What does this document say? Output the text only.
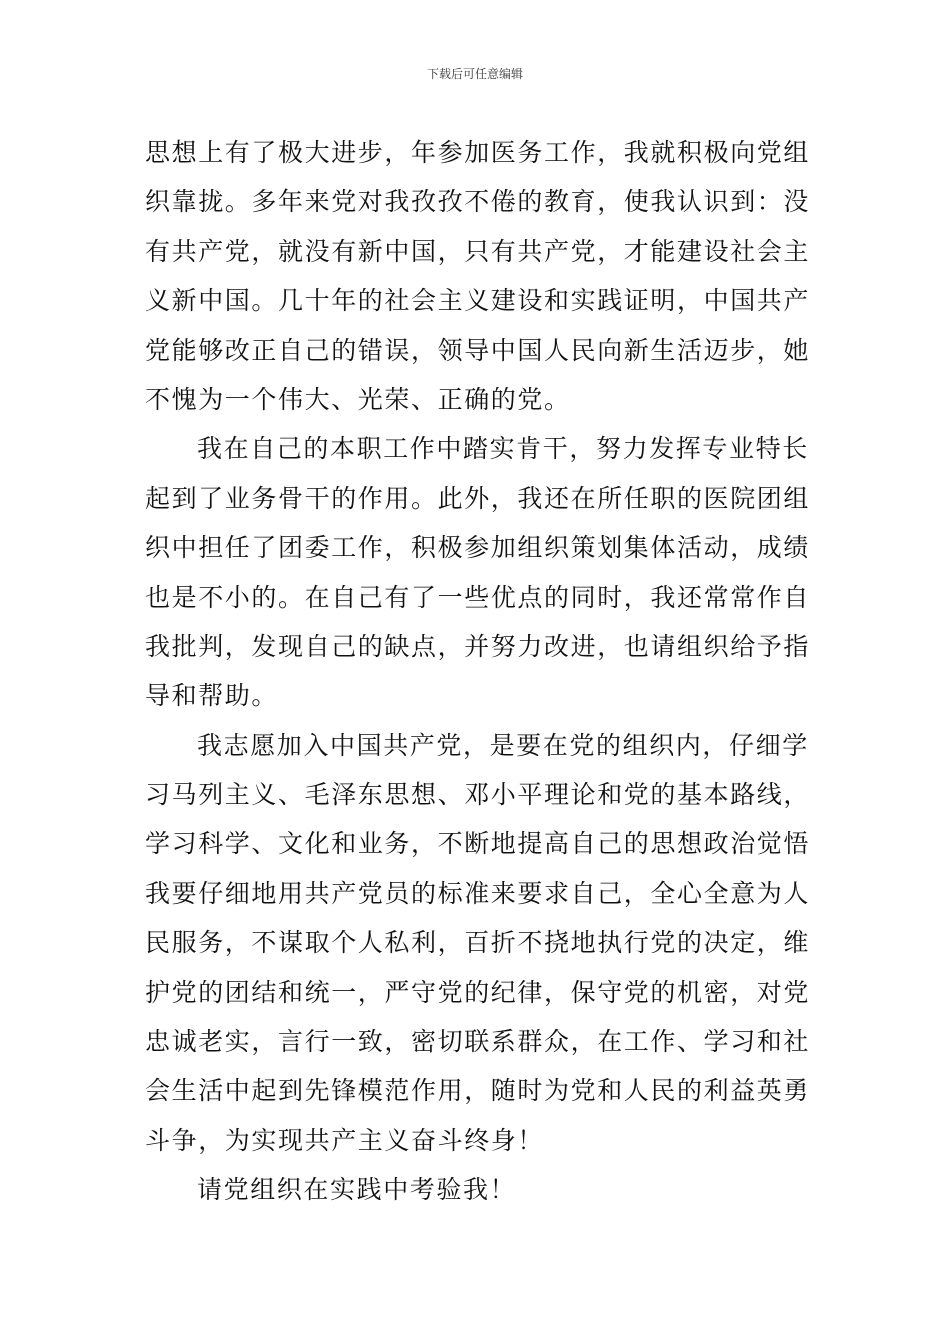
下载后可任意编辑
思想上有了极大进步，年参加医务工作，我就积极向党组
织靠拢。多年来党对我孜孜不倦的教育，使我认识到：没
有共产党，就没有新中国，只有共产党，才能建设社会主
义新中国。几十年的社会主义建设和实践证明，中国共产
党能够改正自己的错误，领导中国人民向新生活迈步，她
不愧为一个伟大、光荣、正确的党。
我在自己的本职工作中踏实肯干，努力发挥专业特长
起到了业务骨干的作用。此外，我还在所任职的医院团组
织中担任了团委工作，积极参加组织策划集体活动，成绩
也是不小的。在自己有了一些优点的同时，我还常常作自
我批判，发现自己的缺点，并努力改进，也请组织给予指
导和帮助。
我志愿加入中国共产党，是要在党的组织内，仔细学
习马列主义、毛泽东思想、邓小平理论和党的基本路线，
学习科学、文化和业务，不断地提高自己的思想政治觉悟
我要仔细地用共产党员的标准来要求自己，全心全意为人
民服务，不谋取个人私利，百折不挠地执行党的决定，维
护党的团结和统一，严守党的纪律，保守党的机密，对党
忠诚老实，言行一致，密切联系群众，在工作、学习和社
会生活中起到先锋模范作用，随时为党和人民的利益英勇
斗争，为实现共产主义奋斗终身！
请党组织在实践中考验我！
